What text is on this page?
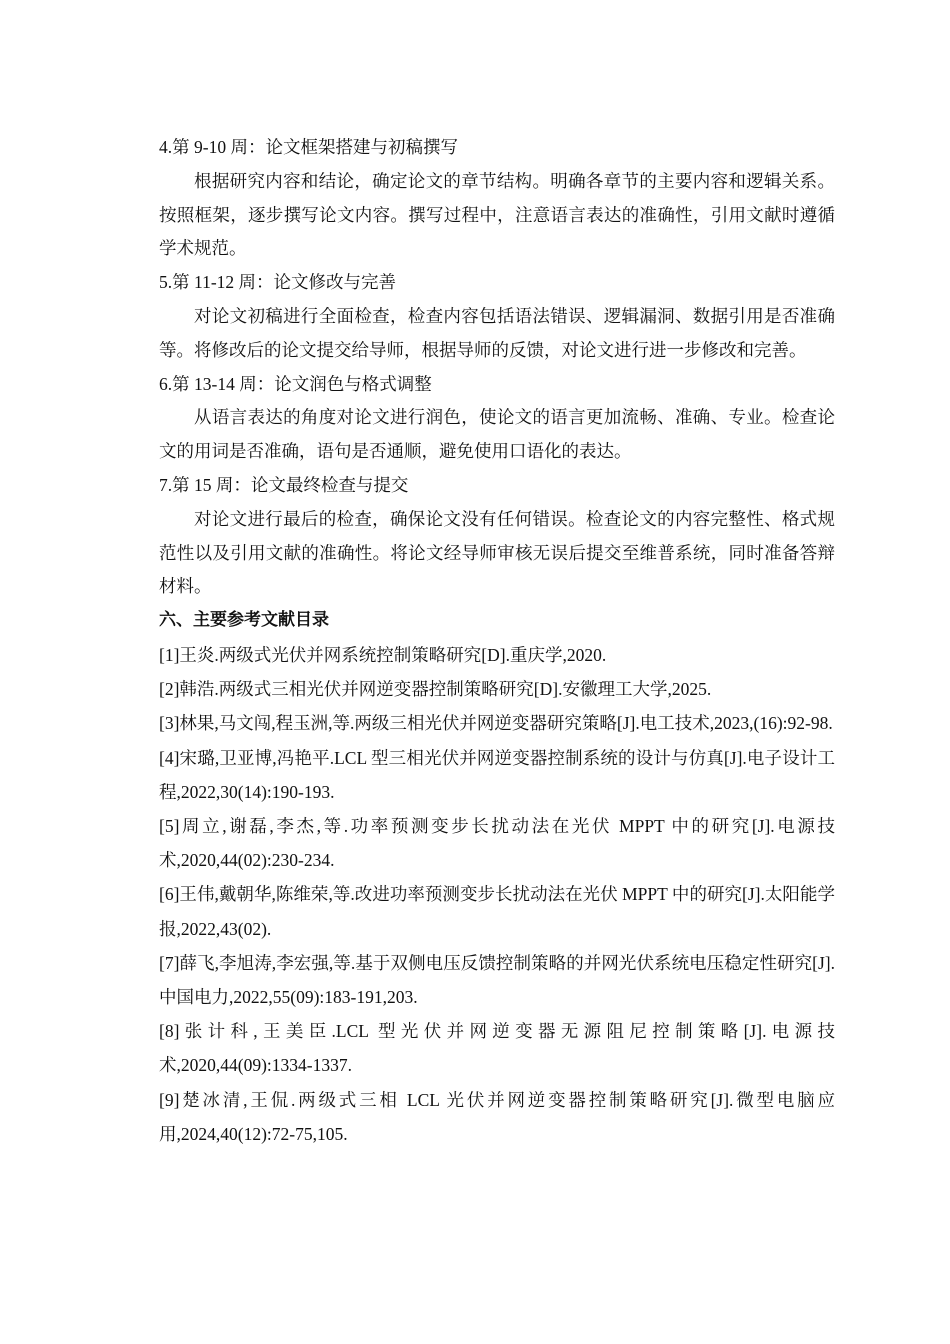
4.第 9-10 周：论文框架搭建与初稿撰写

根据研究内容和结论，确定论文的章节结构。明确各章节的主要内容和逻辑关系。按照框架，逐步撰写论文内容。撰写过程中，注意语言表达的准确性，引用文献时遵循学术规范。

5.第 11-12 周：论文修改与完善

对论文初稿进行全面检查，检查内容包括语法错误、逻辑漏洞、数据引用是否准确等。将修改后的论文提交给导师，根据导师的反馈，对论文进行进一步修改和完善。

6.第 13-14 周：论文润色与格式调整

从语言表达的角度对论文进行润色，使论文的语言更加流畅、准确、专业。检查论文的用词是否准确，语句是否通顺，避免使用口语化的表达。

7.第 15 周：论文最终检查与提交

对论文进行最后的检查，确保论文没有任何错误。检查论文的内容完整性、格式规范性以及引用文献的准确性。将论文经导师审核无误后提交至维普系统，同时准备答辩材料。

六、主要参考文献目录

[1]王炎.两级式光伏并网系统控制策略研究[D].重庆学,2020.

[2]韩浩.两级式三相光伏并网逆变器控制策略研究[D].安徽理工大学,2025.

[3]林果,马文闯,程玉洲,等.两级三相光伏并网逆变器研究策略[J].电工技术,2023,(16):92-98.

[4]宋璐,卫亚博,冯艳平.LCL 型三相光伏并网逆变器控制系统的设计与仿真[J].电子设计工程,2022,30(14):190-193.

[5]周立,谢磊,李杰,等.功率预测变步长扰动法在光伏 MPPT 中的研究[J].电源技术,2020,44(02):230-234.

[6]王伟,戴朝华,陈维荣,等.改进功率预测变步长扰动法在光伏 MPPT 中的研究[J].太阳能学报,2022,43(02).

[7]薛飞,李旭涛,李宏强,等.基于双侧电压反馈控制策略的并网光伏系统电压稳定性研究[J].中国电力,2022,55(09):183-191,203.

[8]张计科,王美臣.LCL 型光伏并网逆变器无源阻尼控制策略[J].电源技术,2020,44(09):1334-1337.

[9]楚冰清,王侃.两级式三相 LCL 光伏并网逆变器控制策略研究[J].微型电脑应用,2024,40(12):72-75,105.
